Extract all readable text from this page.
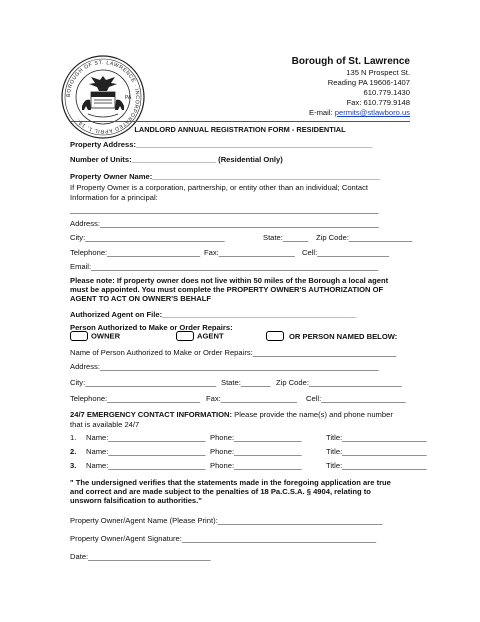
BOROUGH OF ST. LAWRENCE · INCORPORATED APRIL 1, 19..
PA
Borough of St. Lawrence
135 N Prospect St.
Reading PA 19606-1407
610.779.1430
Fax: 610.779.9148
E-mail: permits@stlawboro.us
LANDLORD ANNUAL REGISTRATION FORM - RESIDENTIAL
Property Address:________________________________________________________
Number of Units:____________________ (Residential Only)
Property Owner Name:______________________________________________________
If Property Owner is a corporation, partnership, or entity other than an individual; Contact
Information for a principal:
_________________________________________________________________________
Address:__________________________________________________________________
City:_________________________________	State:______ Zip Code:_______________
Telephone:______________________ Fax:__________________ Cell:_________________
Email:____________________________________________________________________
Please note: If property owner does not live within 50 miles of the Borough a local agent
must be appointed. You must complete the PROPERTY OWNER'S AUTHORIZATION OF
AGENT TO ACT ON OWNER'S BEHALF
Authorized Agent on File:______________________________________________
Person Authorized to Make or Order Repairs:
OWNER	AGENT	OR PERSON NAMED BELOW:
Name of Person Authorized to Make or Order Repairs:__________________________________
Address:__________________________________________________________________
City:_______________________________ State:_______ Zip Code:______________________
Telephone:______________________ Fax:__________________ Cell:____________________
24/7 EMERGENCY CONTACT INFORMATION: Please provide the name(s) and phone number
that is available 24/7
1. Name:_______________________ Phone:________________	Title:____________________
2. Name:_______________________ Phone:________________	Title:____________________
3. Name:_______________________ Phone:________________	Title:____________________
" The undersigned verifies that the statements made in the foregoing application are true
and correct and are made subject to the penalties of 18 Pa.C.S.A. § 4904, relating to
unsworn falsification to authorities."
Property Owner/Agent Name (Please Print):_______________________________________
Property Owner/Agent Signature:______________________________________________
Date:_____________________________
